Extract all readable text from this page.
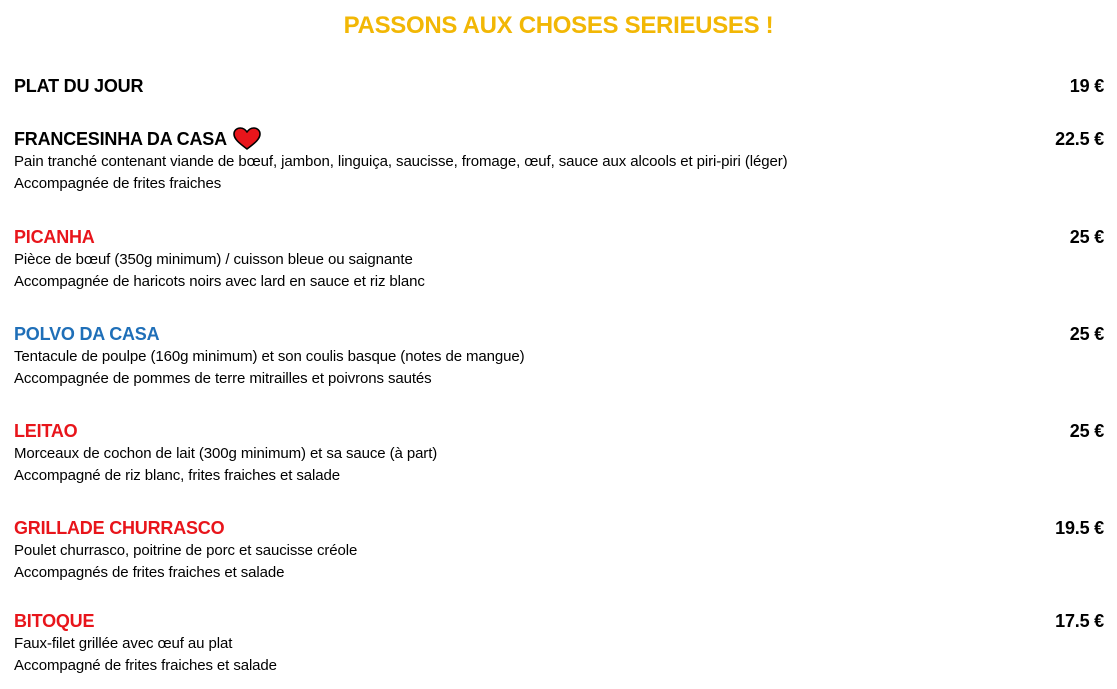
PASSONS AUX CHOSES SERIEUSES !
PLAT DU JOUR	19 €
FRANCESINHA DA CASA	22.5 €
Pain tranché contenant viande de bœuf, jambon, linguiça, saucisse, fromage, œuf, sauce aux alcools et piri-piri (léger)
Accompagnée de frites fraiches
PICANHA	25 €
Pièce de bœuf (350g minimum) / cuisson bleue ou saignante
Accompagnée de haricots noirs avec lard en sauce et riz blanc
POLVO DA CASA	25 €
Tentacule de poulpe (160g minimum) et son coulis basque (notes de mangue)
Accompagnée de pommes de terre mitrailles et poivrons sautés
LEITAO	25 €
Morceaux de cochon de lait (300g minimum) et sa sauce (à part)
Accompagné de riz blanc, frites fraiches et salade
GRILLADE CHURRASCO	19.5 €
Poulet churrasco, poitrine de porc et saucisse créole
Accompagnés de frites fraiches et salade
BITOQUE	17.5 €
Faux-filet grillée avec œuf au plat
Accompagné de frites fraiches et salade
